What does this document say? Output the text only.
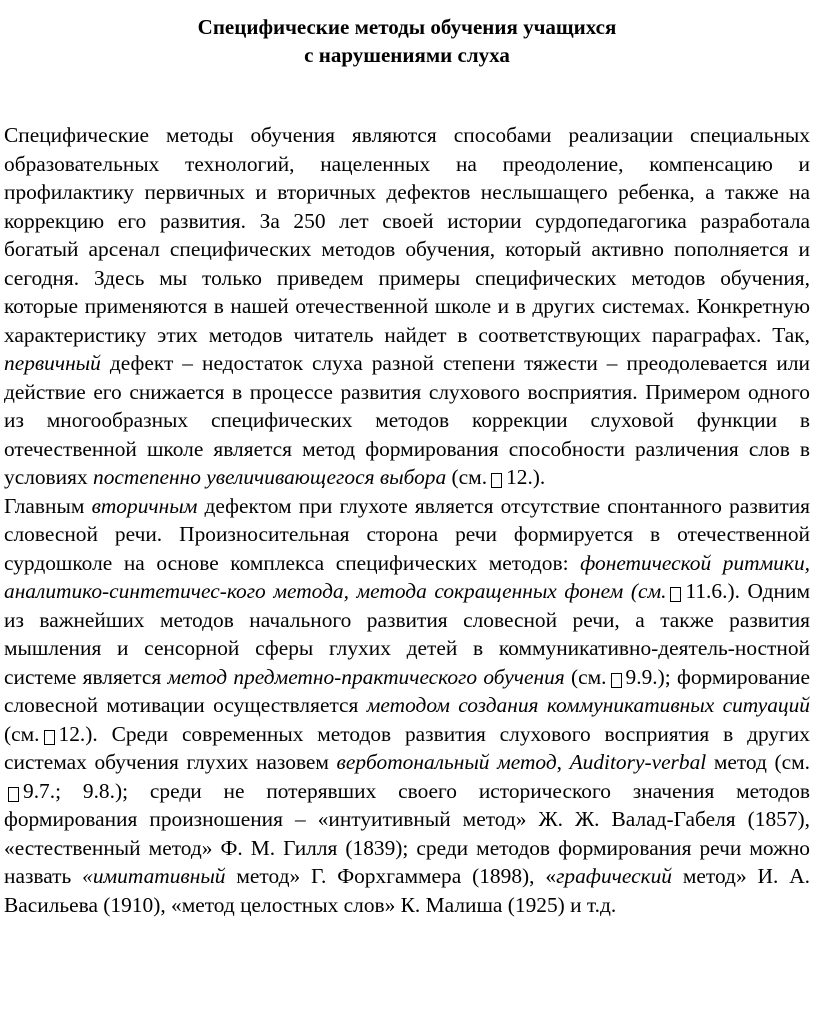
Специфические методы обучения учащихся
с нарушениями слуха

Специфические методы обучения являются способами реализации специальных образовательных технологий, нацеленных на преодоление, компенсацию и профилактику первичных и вторичных дефектов неслышащего ребенка, а также на коррекцию его развития. За 250 лет своей истории сурдопедагогика разработала богатый арсенал специфических методов обучения, который активно пополняется и сегодня. Здесь мы только приведем примеры специфических методов обучения, которые применяются в нашей отечественной школе и в других системах. Конкретную характеристику этих методов читатель найдет в соответствующих параграфах. Так, первичный дефект – недостаток слуха разной степени тяжести – преодолевается или действие его снижается в процессе развития слухового восприятия. Примером одного из многообразных специфических методов коррекции слуховой функции в отечественной школе является метод формирования способности различения слов в условиях постепенно увеличивающегося выбора (см. 12.).

Главным вторичным дефектом при глухоте является отсутствие спонтанного развития словесной речи. Произносительная сторона речи формируется в отечественной сурдошколе на основе комплекса специфических методов: фонетической ритмики, аналитико-синтетичес-кого метода, метода сокращенных фонем (см. 11.6.). Одним из важнейших методов начального развития словесной речи, а также развития мышления и сенсорной сферы глухих детей в коммуникативно-деятель-ностной системе является метод предметно-практического обучения (см. 9.9.); формирование словесной мотивации осуществляется методом создания коммуникативных ситуаций (см. 12.). Среди современных методов развития слухового восприятия в других системах обучения глухих назовем верботональный метод, Auditory-verbal метод (см.9.7.; 9.8.); среди не потерявших своего исторического значения методов формирования произношения – «интуитивный метод» Ж. Ж. Валад-Габеля (1857), «естественный метод» Ф. М. Гилля (1839); среди методов формирования речи можно назвать «имитативный метод» Г. Форхгаммера (1898), «графический метод» И. А. Васильева (1910), «метод целостных слов» К. Малиша (1925) и т.д.
